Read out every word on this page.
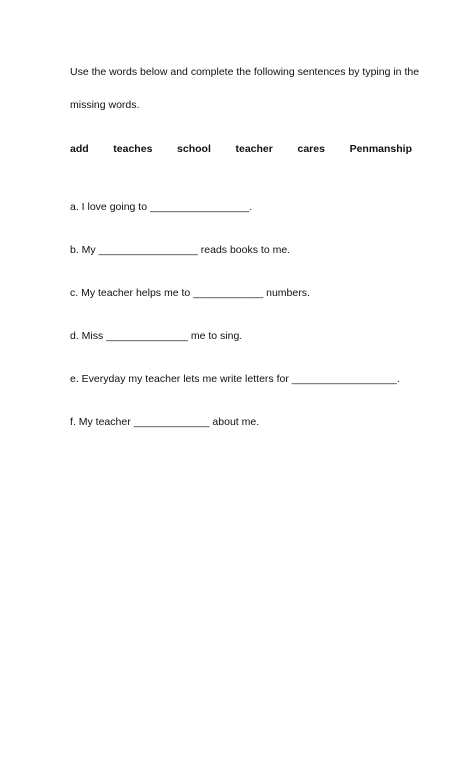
Use the words below and complete the following sentences by typing in the missing words.

add teaches school teacher cares Penmanship

a. I love going to _________________.

b. My _________________ reads books to me.

c. My teacher helps me to ____________ numbers.

d. Miss ______________ me to sing.

e. Everyday my teacher lets me write letters for __________________.

f. My teacher _____________ about me.
